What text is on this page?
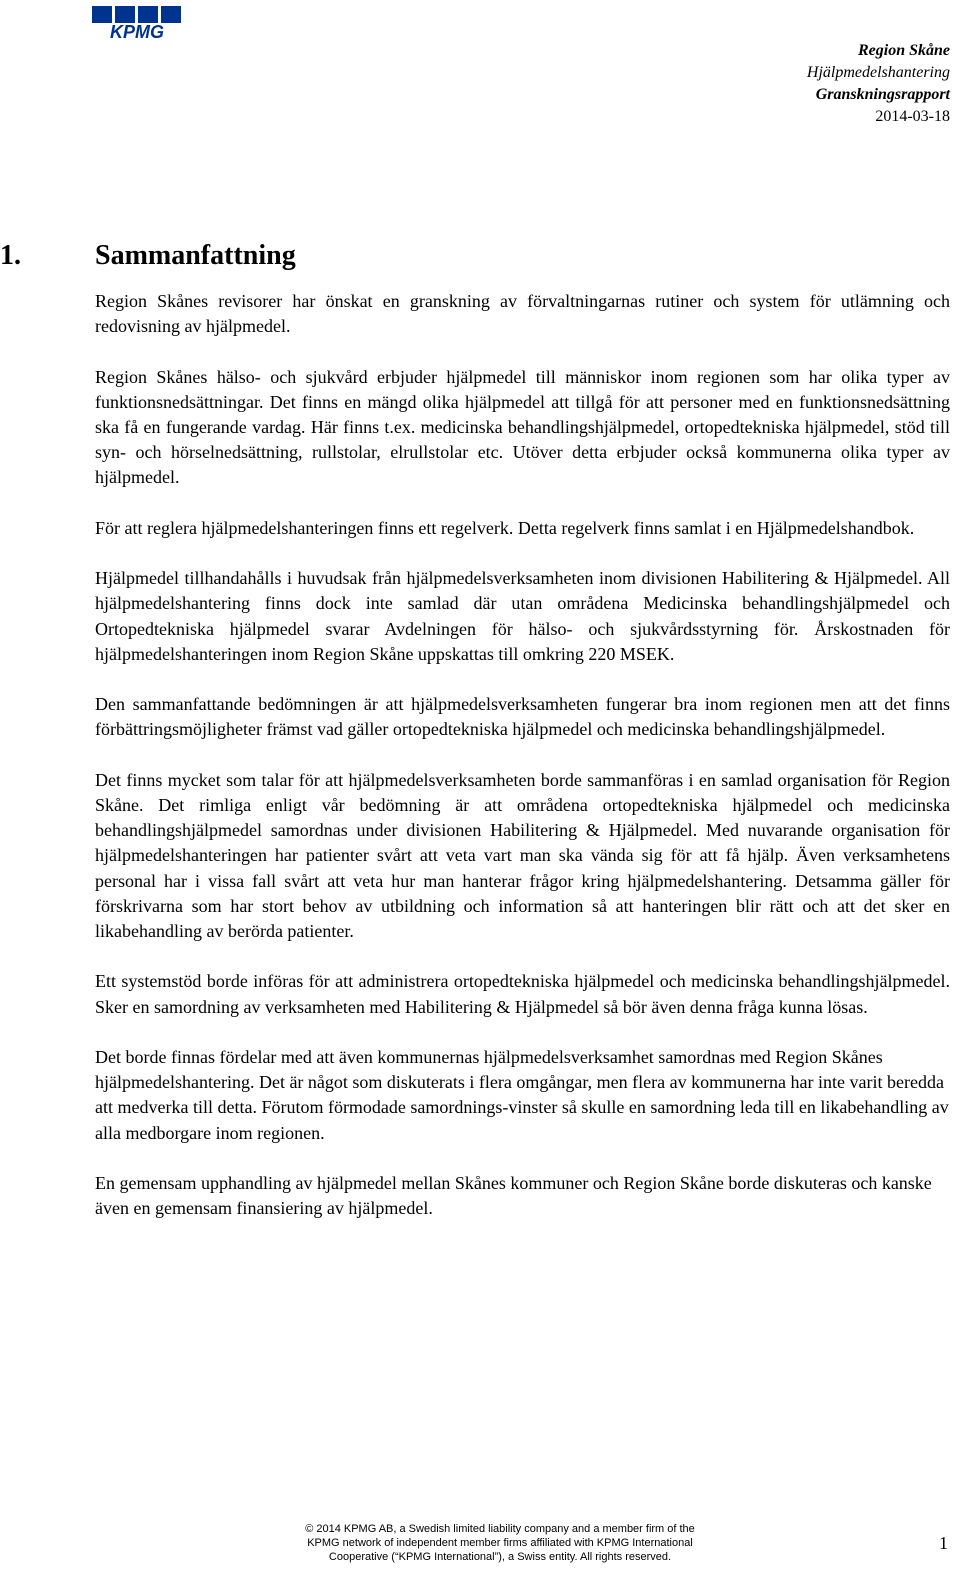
KPMG
Region Skåne
Hjälpmedelshantering
Granskningsrapport
2014-03-18
1.	Sammanfattning

Region Skånes revisorer har önskat en granskning av förvaltningarnas rutiner och system för utlämning och redovisning av hjälpmedel.

Region Skånes hälso- och sjukvård erbjuder hjälpmedel till människor inom regionen som har olika typer av funktionsnedsättningar. Det finns en mängd olika hjälpmedel att tillgå för att personer med en funktionsnedsättning ska få en fungerande vardag. Här finns t.ex. medicinska behandlingshjälpmedel, ortopedtekniska hjälpmedel, stöd till syn- och hörselnedsättning, rullstolar, elrullstolar etc. Utöver detta erbjuder också kommunerna olika typer av hjälpmedel.

För att reglera hjälpmedelshanteringen finns ett regelverk. Detta regelverk finns samlat i en Hjälpmedelshandbok.

Hjälpmedel tillhandahålls i huvudsak från hjälpmedelsverksamheten inom divisionen Habilitering & Hjälpmedel. All hjälpmedelshantering finns dock inte samlad där utan områdena Medicinska behandlingshjälpmedel och Ortopedtekniska hjälpmedel svarar Avdelningen för hälso- och sjukvårdsstyrning för. Årskostnaden för hjälpmedelshanteringen inom Region Skåne uppskattas till omkring 220 MSEK.

Den sammanfattande bedömningen är att hjälpmedelsverksamheten fungerar bra inom regionen men att det finns förbättringsmöjligheter främst vad gäller ortopedtekniska hjälpmedel och medicinska behandlingshjälpmedel.

Det finns mycket som talar för att hjälpmedelsverksamheten borde sammanföras i en samlad organisation för Region Skåne. Det rimliga enligt vår bedömning är att områdena ortopedtekniska hjälpmedel och medicinska behandlingshjälpmedel samordnas under divisionen Habilitering & Hjälpmedel. Med nuvarande organisation för hjälpmedelshanteringen har patienter svårt att veta vart man ska vända sig för att få hjälp. Även verksamhetens personal har i vissa fall svårt att veta hur man hanterar frågor kring hjälpmedelshantering. Detsamma gäller för förskrivarna som har stort behov av utbildning och information så att hanteringen blir rätt och att det sker en likabehandling av berörda patienter.

Ett systemstöd borde införas för att administrera ortopedtekniska hjälpmedel och medicinska behandlingshjälpmedel. Sker en samordning av verksamheten med Habilitering & Hjälpmedel så bör även denna fråga kunna lösas.

Det borde finnas fördelar med att även kommunernas hjälpmedelsverksamhet samordnas med Region Skånes hjälpmedelshantering. Det är något som diskuterats i flera omgångar, men flera av kommunerna har inte varit beredda att medverka till detta. Förutom förmodade samordnings-vinster så skulle en samordning leda till en likabehandling av alla medborgare inom regionen.

En gemensam upphandling av hjälpmedel mellan Skånes kommuner och Region Skåne borde diskuteras och kanske även en gemensam finansiering av hjälpmedel.

1
© 2014 KPMG AB, a Swedish limited liability company and a member firm of the
KPMG network of independent member firms affiliated with KPMG International
Cooperative (“KPMG International”), a Swiss entity. All rights reserved.
